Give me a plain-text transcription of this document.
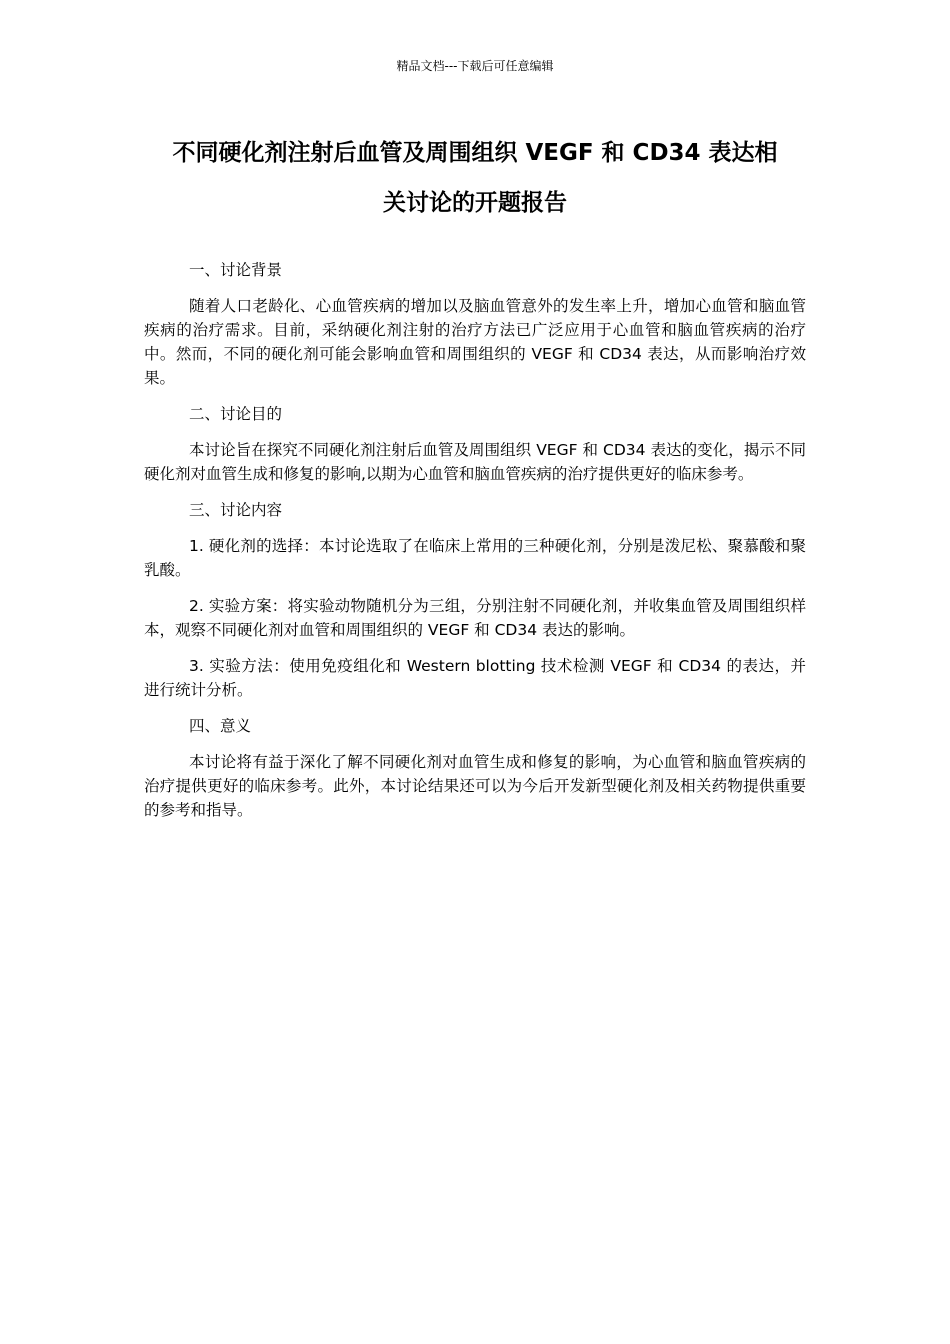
精品文档---下载后可任意编辑
不同硬化剂注射后血管及周围组织 VEGF 和 CD34 表达相
关讨论的开题报告

一、讨论背景

随着人口老龄化、心血管疾病的增加以及脑血管意外的发生率上升，增加心血管和脑血管疾病的治疗需求。目前，采纳硬化剂注射的治疗方法已广泛应用于心血管和脑血管疾病的治疗中。然而，不同的硬化剂可能会影响血管和周围组织的 VEGF 和 CD34 表达，从而影响治疗效果。

二、讨论目的

本讨论旨在探究不同硬化剂注射后血管及周围组织 VEGF 和 CD34 表达的变化，揭示不同硬化剂对血管生成和修复的影响,以期为心血管和脑血管疾病的治疗提供更好的临床参考。

三、讨论内容

1. 硬化剂的选择：本讨论选取了在临床上常用的三种硬化剂，分别是泼尼松、聚慕酸和聚乳酸。

2. 实验方案：将实验动物随机分为三组，分别注射不同硬化剂，并收集血管及周围组织样本，观察不同硬化剂对血管和周围组织的 VEGF 和 CD34 表达的影响。

3. 实验方法：使用免疫组化和 Western blotting 技术检测 VEGF 和 CD34 的表达，并进行统计分析。

四、意义

本讨论将有益于深化了解不同硬化剂对血管生成和修复的影响，为心血管和脑血管疾病的治疗提供更好的临床参考。此外，本讨论结果还可以为今后开发新型硬化剂及相关药物提供重要的参考和指导。
